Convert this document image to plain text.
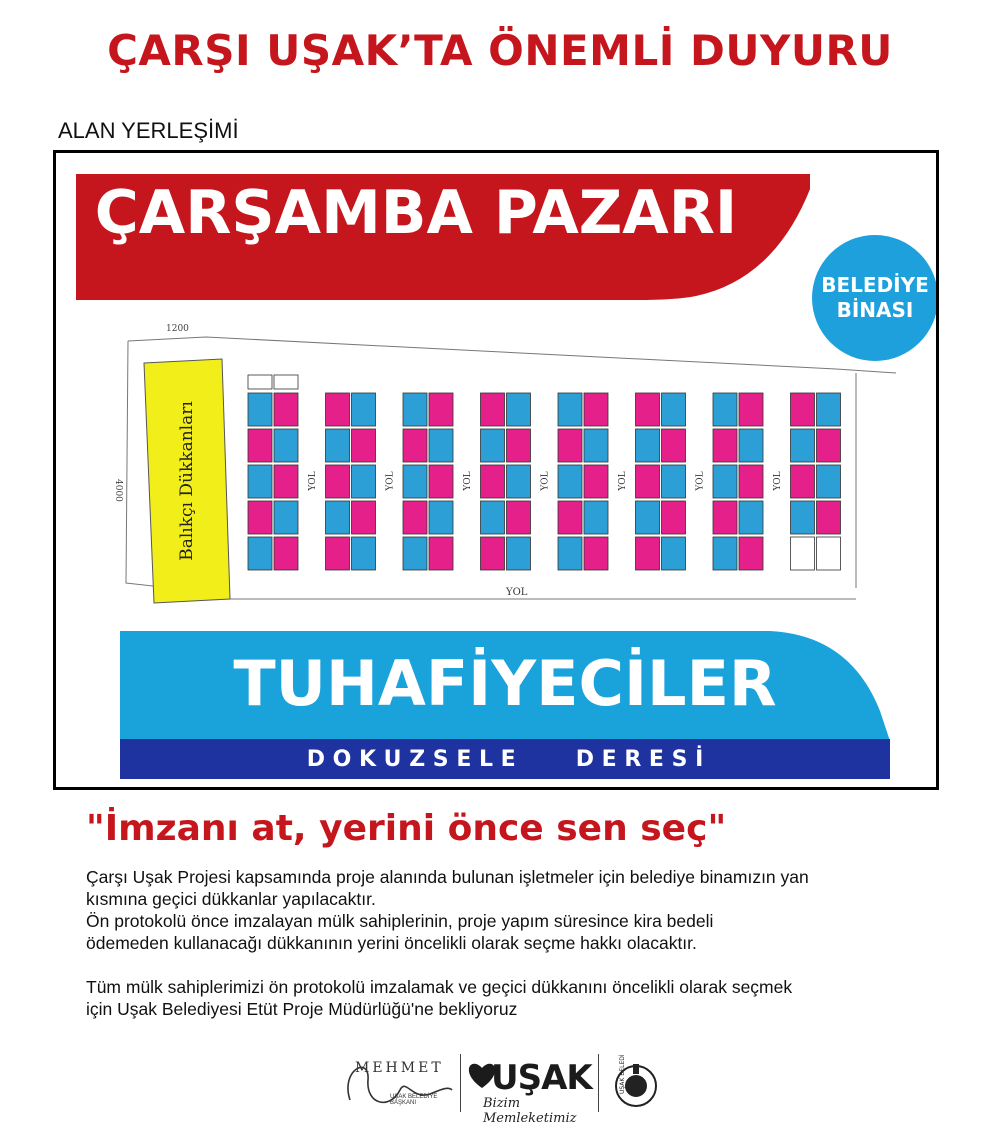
ÇARŞI UŞAK’TA ÖNEMLİ DUYURU
ALAN YERLEŞİMİ
ÇARŞAMBA PAZARI
BELEDİYE
BİNASI
Balıkçı Dükkanları
1200
4000
YOL
YOL	YOL	YOL	YOL	YOL	YOL	YOL
TUHAFİYECİLER
D O K U Z S E L E	D E R E S İ
"İmzanı at, yerini önce sen seç"

Çarşı Uşak Projesi kapsamında proje alanında bulunan işletmeler için belediye binamızın yan

kısmına geçici dükkanlar yapılacaktır.

Ön protokolü önce imzalayan mülk sahiplerinin, proje yapım süresince kira bedeli

ödemeden kullanacağı dükkanının yerini öncelikli olarak seçme hakkı olacaktır.

Tüm mülk sahiplerimizi ön protokolü imzalamak ve geçici dükkanını öncelikli olarak seçmek

için Uşak Belediyesi Etüt Proje Müdürlüğü'ne bekliyoruz

MEHMET
UŞAK BELEDİYE BAŞKANI
UŞAK
Bizim Memleketimiz
UŞAK BELEDİYESİ
